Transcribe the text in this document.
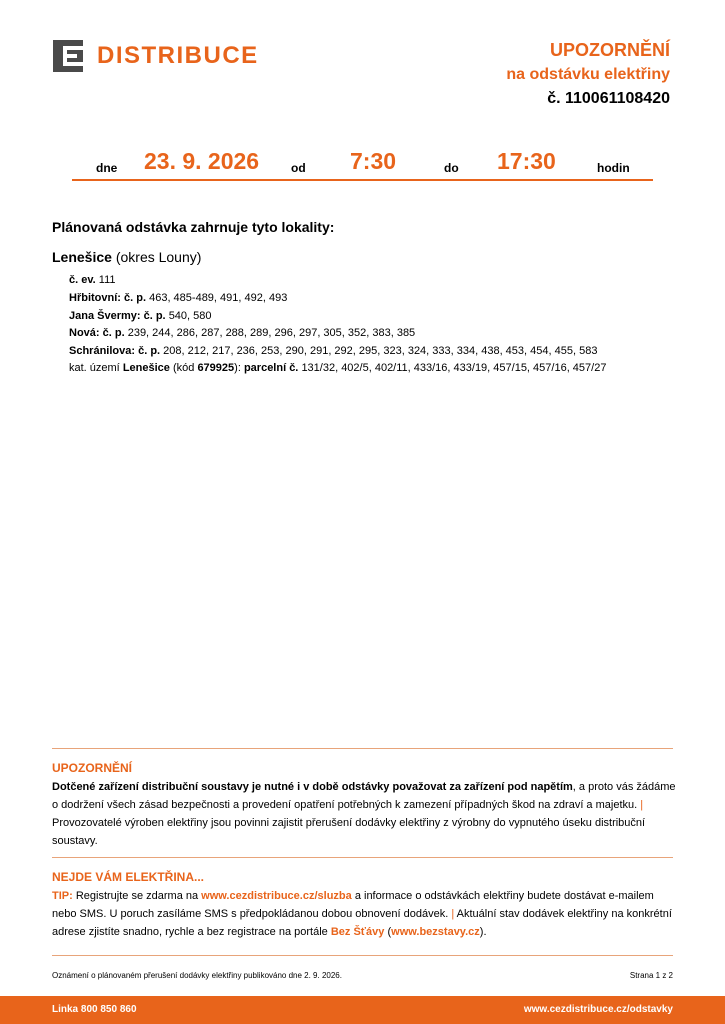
DISTRIBUCE	UPOZORNĚNÍ
na odstávku elektřiny
č. 110061108420
dne 23. 9. 2026	od 7:30	do 17:30	hodin
Plánovaná odstávka zahrnuje tyto lokality:
Lenešice (okres Louny)
č. ev. 111
Hřbitovní: č. p. 463, 485-489, 491, 492, 493
Jana Švermy: č. p. 540, 580
Nová: č. p. 239, 244, 286, 287, 288, 289, 296, 297, 305, 352, 383, 385
Schránilova: č. p. 208, 212, 217, 236, 253, 290, 291, 292, 295, 323, 324, 333, 334, 438, 453, 454, 455, 583
kat. území Lenešice (kód 679925): parcelní č. 131/32, 402/5, 402/11, 433/16, 433/19, 457/15, 457/16, 457/27
UPOZORNĚNÍ
Dotčené zařízení distribuční soustavy je nutné i v době odstávky považovat za zařízení pod napětím, a proto vás žádáme o dodržení všech zásad bezpečnosti a provedení opatření potřebných k zamezení případných škod na zdraví a majetku. | Provozovatelé výroben elektřiny jsou povinni zajistit přerušení dodávky elektřiny z výrobny do vypnutého úseku distribuční soustavy.
NEJDE VÁM ELEKTŘINA...
TIP: Registrujte se zdarma na www.cezdistribuce.cz/sluzba a informace o odstávkách elektřiny budete dostávat e-mailem nebo SMS. U poruch zasíláme SMS s předpokládanou dobou obnovení dodávek. | Aktuální stav dodávek elektřiny na konkrétní adrese zjistíte snadno, rychle a bez registrace na portále Bez Šťávy (www.bezstavy.cz).
Oznámení o plánovaném přerušení dodávky elektřiny publikováno dne 2. 9. 2026.	Strana 1 z 2
Linka 800 850 860	www.cezdistribuce.cz/odstavky
